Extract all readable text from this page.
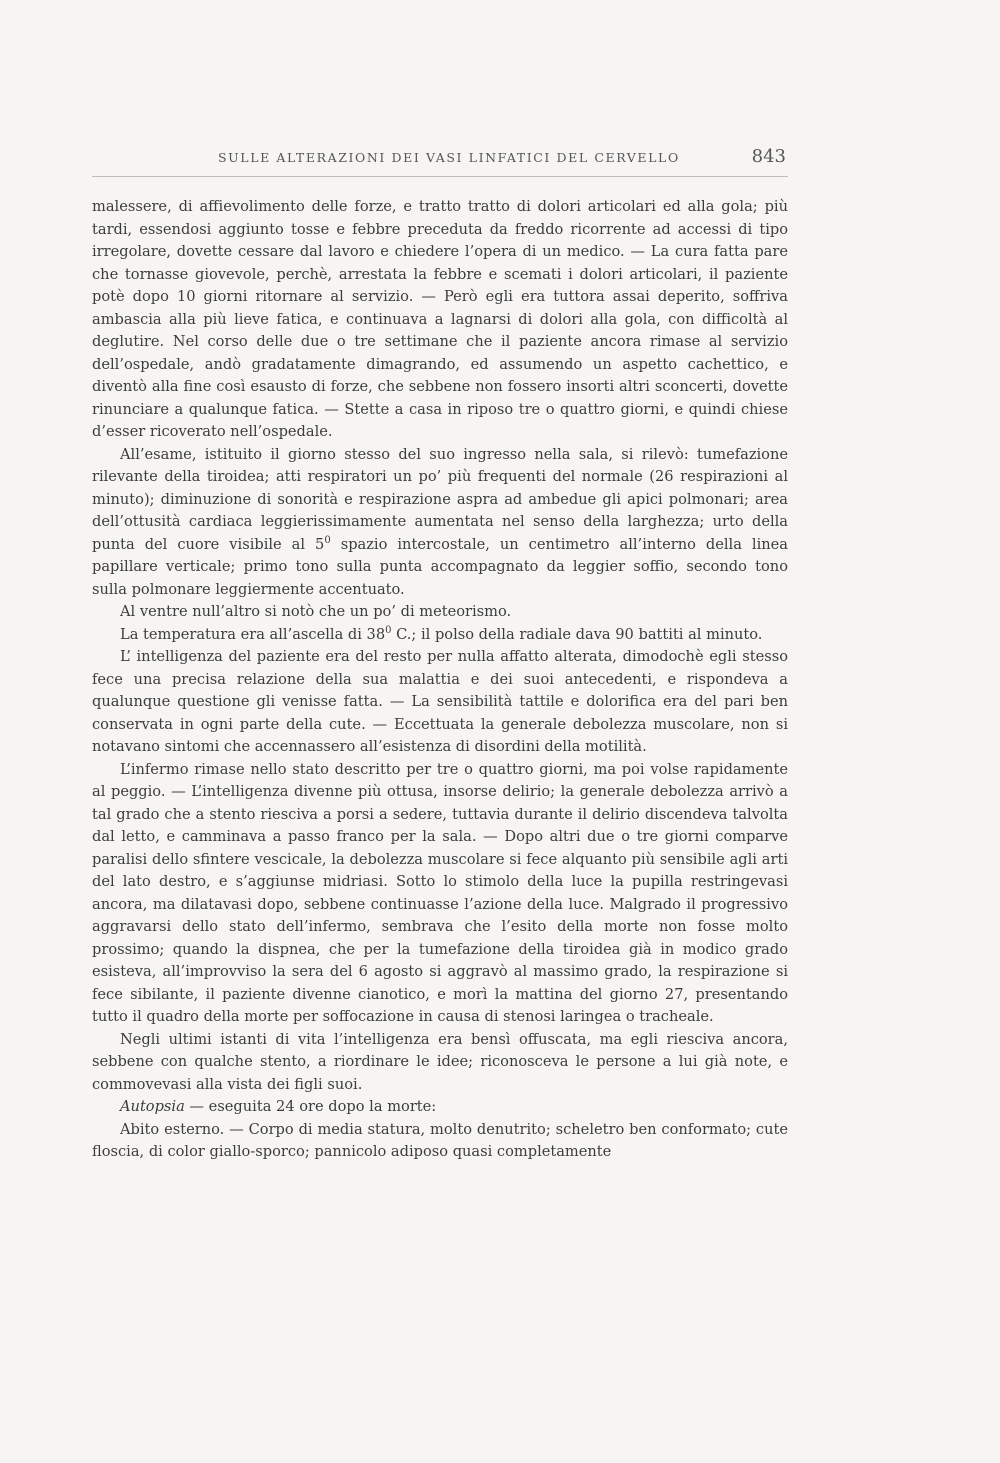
SULLE ALTERAZIONI DEI VASI LINFATICI DEL CERVELLO	843

malessere, di affievolimento delle forze, e tratto tratto di dolori articolari ed alla gola; più tardi, essendosi aggiunto tosse e febbre preceduta da freddo ricorrente ad accessi di tipo irregolare, dovette cessare dal lavoro e chiedere l’opera di un medico. — La cura fatta pare che tornasse giovevole, perchè, arrestata la febbre e scemati i dolori articolari, il paziente potè dopo 10 giorni ritornare al servizio. — Però egli era tuttora assai deperito, soffriva ambascia alla più lieve fatica, e continuava a lagnarsi di dolori alla gola, con difficoltà al deglutire. Nel corso delle due o tre settimane che il paziente ancora rimase al servizio dell’ospedale, andò gradatamente dimagrando, ed assumendo un aspetto cachettico, e diventò alla fine così esausto di forze, che sebbene non fossero insorti altri sconcerti, dovette rinunciare a qualunque fatica. — Stette a casa in riposo tre o quattro giorni, e quindi chiese d’esser ricoverato nell’ospedale.

All’esame, istituito il giorno stesso del suo ingresso nella sala, si rilevò: tumefazione rilevante della tiroidea; atti respiratori un po’ più frequenti del normale (26 respirazioni al minuto); diminuzione di sonorità e respirazione aspra ad ambedue gli apici polmonari; area dell’ottusità cardiaca leggierissimamente aumentata nel senso della larghezza; urto della punta del cuore visibile al $5^0$ spazio intercostale, un centimetro all’interno della linea papillare verticale; primo tono sulla punta accompagnato da leggier soffio, secondo tono sulla polmonare leggiermente accentuato.

Al ventre null’altro si notò che un po’ di meteorismo.

La temperatura era all’ascella di $38^0$ C.; il polso della radiale dava 90 battiti al minuto.

L’ intelligenza del paziente era del resto per nulla affatto alterata, dimodochè egli stesso fece una precisa relazione della sua malattia e dei suoi antecedenti, e rispondeva a qualunque questione gli venisse fatta. — La sensibilità tattile e dolorifica era del pari ben conservata in ogni parte della cute. — Eccettuata la generale debolezza muscolare, non si notavano sintomi che accennassero all’esistenza di disordini della motilità.

L’infermo rimase nello stato descritto per tre o quattro giorni, ma poi volse rapidamente al peggio. — L’intelligenza divenne più ottusa, insorse delirio; la generale debolezza arrivò a tal grado che a stento riesciva a porsi a sedere, tuttavia durante il delirio discendeva talvolta dal letto, e camminava a passo franco per la sala. — Dopo altri due o tre giorni comparve paralisi dello sfintere vescicale, la debolezza muscolare si fece alquanto più sensibile agli arti del lato destro, e s’aggiunse midriasi. Sotto lo stimolo della luce la pupilla restringevasi ancora, ma dilatavasi dopo, sebbene continuasse l’azione della luce. Malgrado il progressivo aggravarsi dello stato dell’infermo, sembrava che l’esito della morte non fosse molto prossimo; quando la dispnea, che per la tumefazione della tiroidea già in modico grado esisteva, all’improvviso la sera del 6 agosto si aggravò al massimo grado, la respirazione si fece sibilante, il paziente divenne cianotico, e morì la mattina del giorno 27, presentando tutto il quadro della morte per soffocazione in causa di stenosi laringea o tracheale.

Negli ultimi istanti di vita l’intelligenza era bensì offuscata, ma egli riesciva ancora, sebbene con qualche stento, a riordinare le idee; riconosceva le persone a lui già note, e commovevasi alla vista dei figli suoi.

Autopsia — eseguita 24 ore dopo la morte:

Abito esterno. — Corpo di media statura, molto denutrito; scheletro ben conformato; cute floscia, di color giallo-sporco; pannicolo adiposo quasi completamente
